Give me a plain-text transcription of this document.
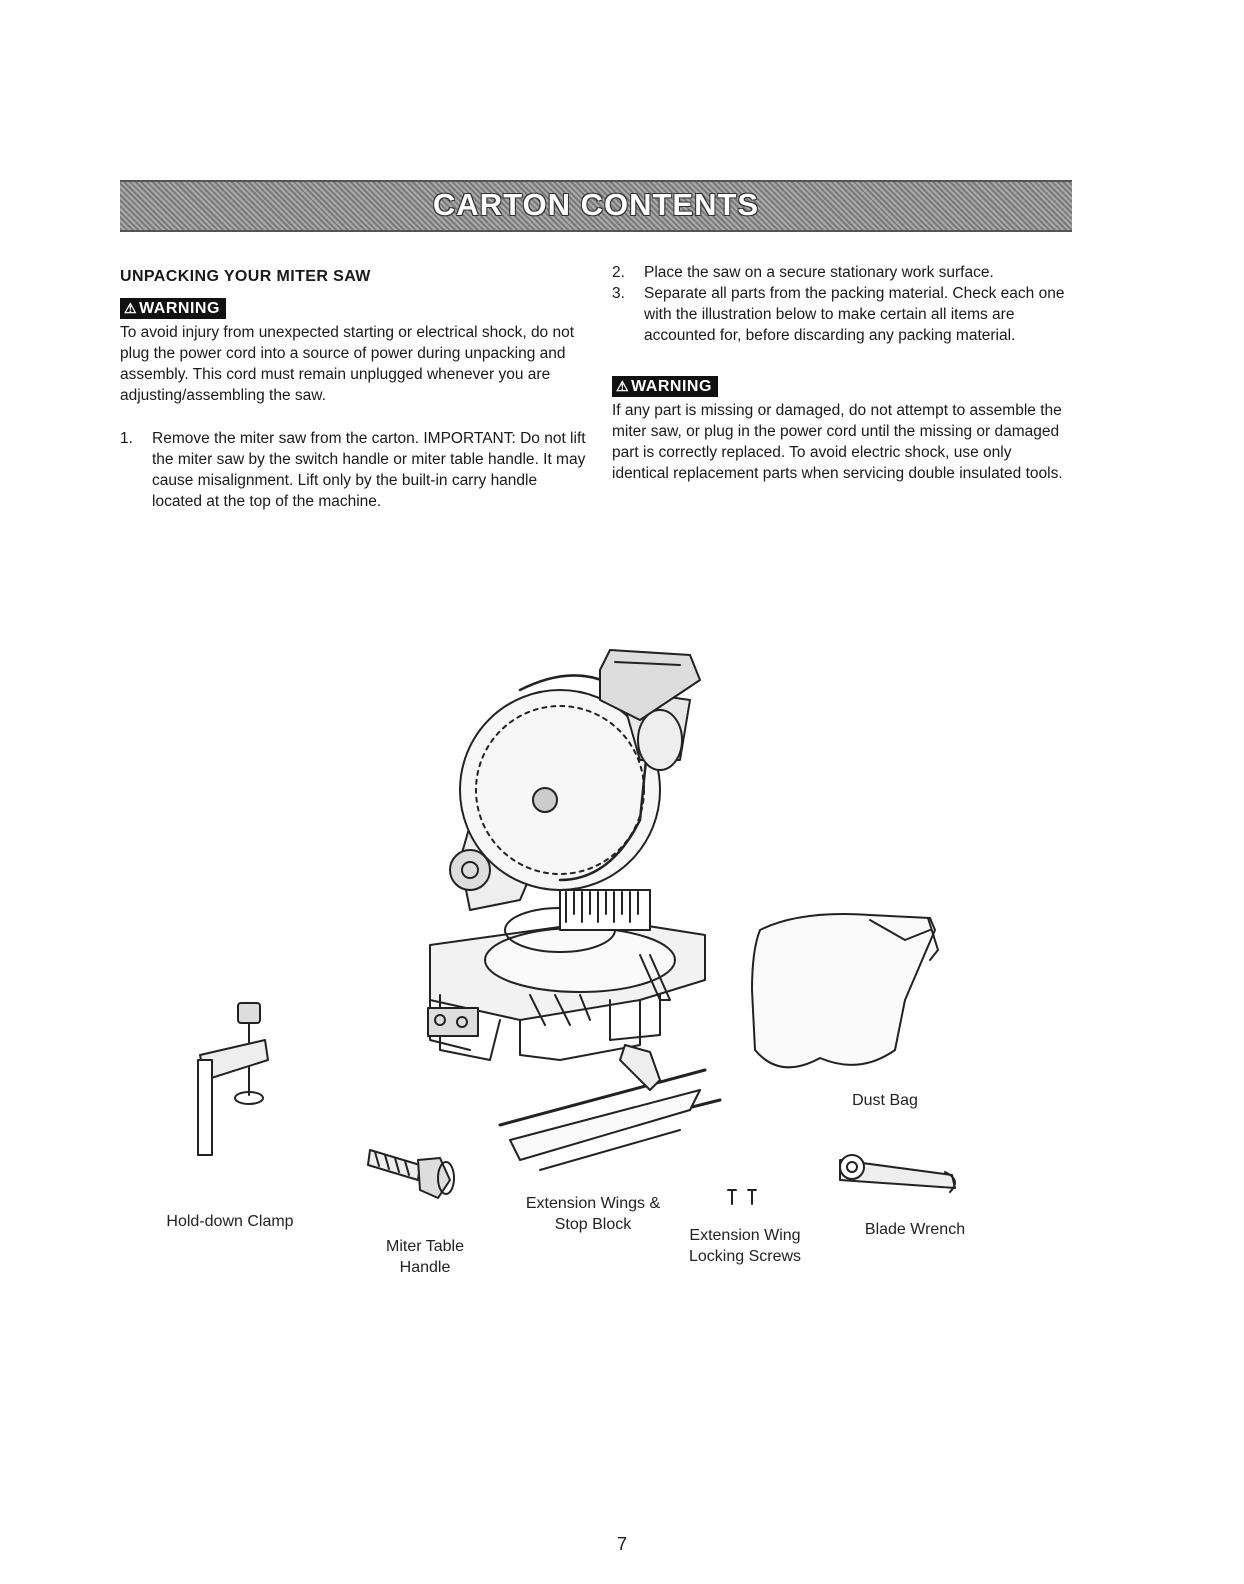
CARTON CONTENTS
UNPACKING YOUR MITER SAW
⚠ WARNING

To avoid injury from unexpected starting or electrical shock, do not plug the power cord into a source of power during unpacking and assembly. This cord must remain unplugged whenever you are adjusting/assembling the saw.

1.	Remove the miter saw from the carton. IMPORTANT: Do not lift the miter saw by the switch handle or miter table handle. It may cause misalignment. Lift only by the built-in carry handle located at the top of the machine.
2.	Place the saw on a secure stationary work surface.
3.	Separate all parts from the packing material. Check each one with the illustration below to make certain all items are accounted for, before discarding any packing material.
⚠ WARNING

If any part is missing or damaged, do not attempt to assemble the miter saw, or plug in the power cord until the missing or damaged part is correctly replaced. To avoid electric shock, use only identical replacement parts when servicing double insulated tools.

Dust Bag
Hold-down Clamp
Miter Table Handle
Extension Wings & Stop Block
Extension Wing Locking Screws
Blade Wrench
7
